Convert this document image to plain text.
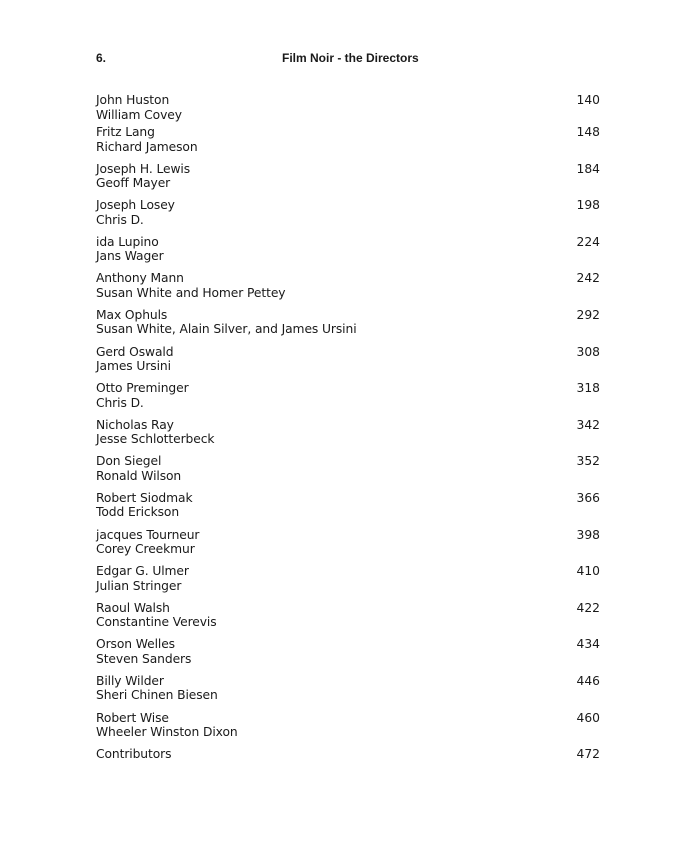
6.	Film Noir - the Directors
John Huston
William Covey
140
Fritz Lang
Richard Jameson
148
Joseph H. Lewis
Geoff Mayer
184
Joseph Losey
Chris D.
198
ida Lupino
Jans Wager
224
Anthony Mann
Susan White and Homer Pettey
242
Max Ophuls
Susan White, Alain Silver, and James Ursini
292
Gerd Oswald
James Ursini
308
Otto Preminger
Chris D.
318
Nicholas Ray
Jesse Schlotterbeck
342
Don Siegel
Ronald Wilson
352
Robert Siodmak
Todd Erickson
366
jacques Tourneur
Corey Creekmur
398
Edgar G. Ulmer
Julian Stringer
410
Raoul Walsh
Constantine Verevis
422
Orson Welles
Steven Sanders
434
Billy Wilder
Sheri Chinen Biesen
446
Robert Wise
Wheeler Winston Dixon
460
Contributors	472
